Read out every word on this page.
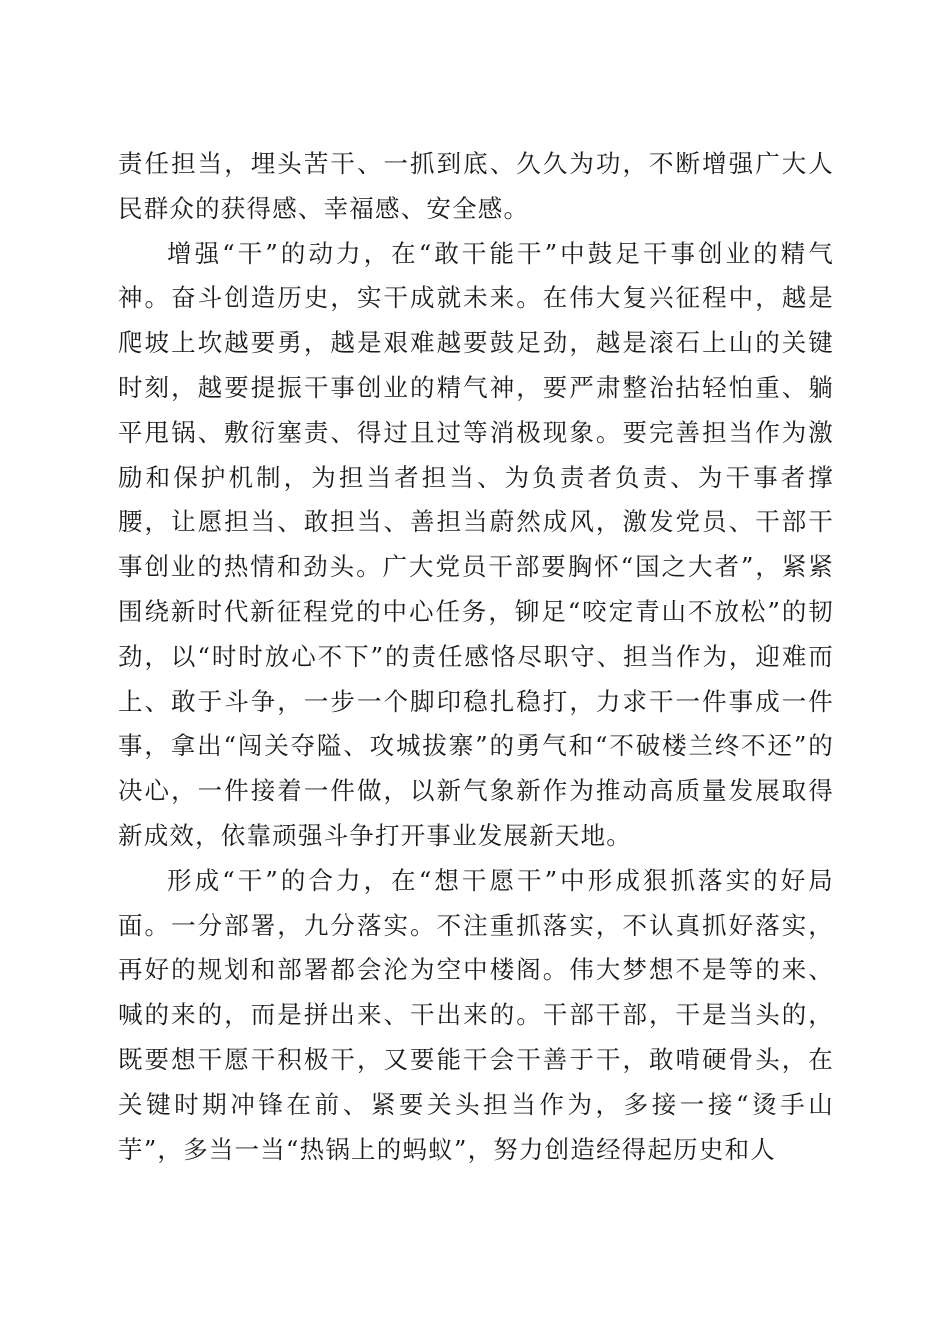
责任担当，埋头苦干、一抓到底、久久为功，不断增强广大人民群众的获得感、幸福感、安全感。

增强“干”的动力，在“敢干能干”中鼓足干事创业的精气神。奋斗创造历史，实干成就未来。在伟大复兴征程中，越是爬坡上坎越要勇，越是艰难越要鼓足劲，越是滚石上山的关键时刻，越要提振干事创业的精气神，要严肃整治拈轻怕重、躺平甩锅、敷衍塞责、得过且过等消极现象。要完善担当作为激励和保护机制，为担当者担当、为负责者负责、为干事者撑腰，让愿担当、敢担当、善担当蔚然成风，激发党员、干部干事创业的热情和劲头。广大党员干部要胸怀“国之大者”，紧紧围绕新时代新征程党的中心任务，铆足“咬定青山不放松”的韧劲，以“时时放心不下”的责任感恪尽职守、担当作为，迎难而上、敢于斗争，一步一个脚印稳扎稳打，力求干一件事成一件事，拿出“闯关夺隘、攻城拔寨”的勇气和“不破楼兰终不还”的决心，一件接着一件做，以新气象新作为推动高质量发展取得新成效，依靠顽强斗争打开事业发展新天地。

形成“干”的合力，在“想干愿干”中形成狠抓落实的好局面。一分部署，九分落实。不注重抓落实，不认真抓好落实，再好的规划和部署都会沦为空中楼阁。伟大梦想不是等的来、喊的来的，而是拼出来、干出来的。干部干部，干是当头的，既要想干愿干积极干，又要能干会干善于干，敢啃硬骨头，在关键时期冲锋在前、紧要关头担当作为，多接一接“烫手山芋”，多当一当“热锅上的蚂蚁”，努力创造经得起历史和人
